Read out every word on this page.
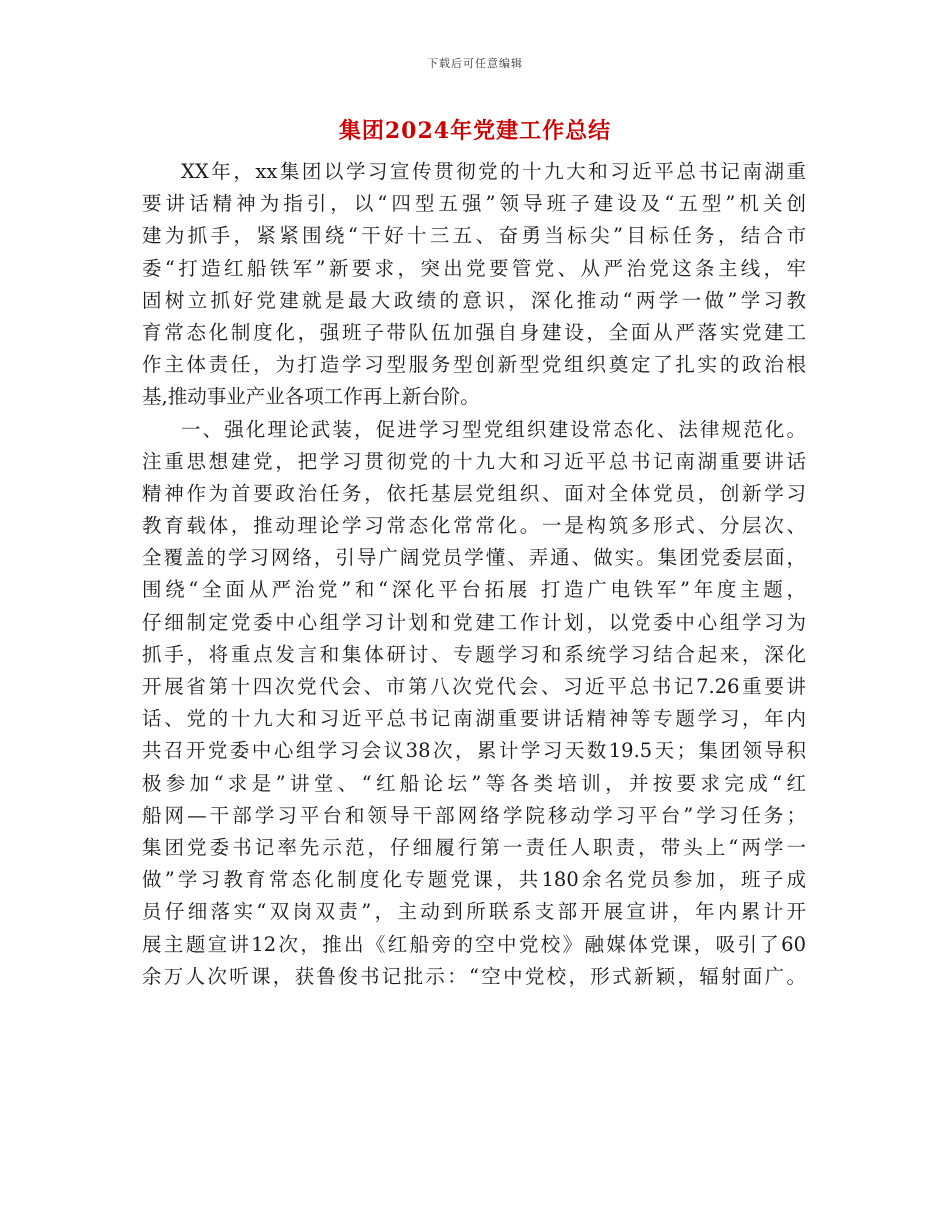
下载后可任意编辑
集团2024年党建工作总结
XX年，xx集团以学习宣传贯彻党的十九大和习近平总书记南湖重
要讲话精神为指引，以“四型五强”领导班子建设及“五型”机关创
建为抓手，紧紧围绕“干好十三五、奋勇当标尖”目标任务，结合市
委“打造红船铁军”新要求，突出党要管党、从严治党这条主线，牢
固树立抓好党建就是最大政绩的意识，深化推动“两学一做”学习教
育常态化制度化，强班子带队伍加强自身建设，全面从严落实党建工
作主体责任，为打造学习型服务型创新型党组织奠定了扎实的政治根
基,推动事业产业各项工作再上新台阶。
一、强化理论武装，促进学习型党组织建设常态化、法律规范化。
注重思想建党，把学习贯彻党的十九大和习近平总书记南湖重要讲话
精神作为首要政治任务，依托基层党组织、面对全体党员，创新学习
教育载体，推动理论学习常态化常常化。一是构筑多形式、分层次、
全覆盖的学习网络，引导广阔党员学懂、弄通、做实。集团党委层面，
围绕“全面从严治党”和“深化平台拓展 打造广电铁军”年度主题，
仔细制定党委中心组学习计划和党建工作计划，以党委中心组学习为
抓手，将重点发言和集体研讨、专题学习和系统学习结合起来，深化
开展省第十四次党代会、市第八次党代会、习近平总书记7.26重要讲
话、党的十九大和习近平总书记南湖重要讲话精神等专题学习，年内
共召开党委中心组学习会议38次，累计学习天数19.5天；集团领导积
极参加“求是”讲堂、“红船论坛”等各类培训，并按要求完成“红
船网—干部学习平台和领导干部网络学院移动学习平台”学习任务；
集团党委书记率先示范，仔细履行第一责任人职责，带头上“两学一
做”学习教育常态化制度化专题党课，共180余名党员参加，班子成
员仔细落实“双岗双责”，主动到所联系支部开展宣讲，年内累计开
展主题宣讲12次，推出《红船旁的空中党校》融媒体党课，吸引了60
余万人次听课，获鲁俊书记批示：“空中党校，形式新颖，辐射面广。
